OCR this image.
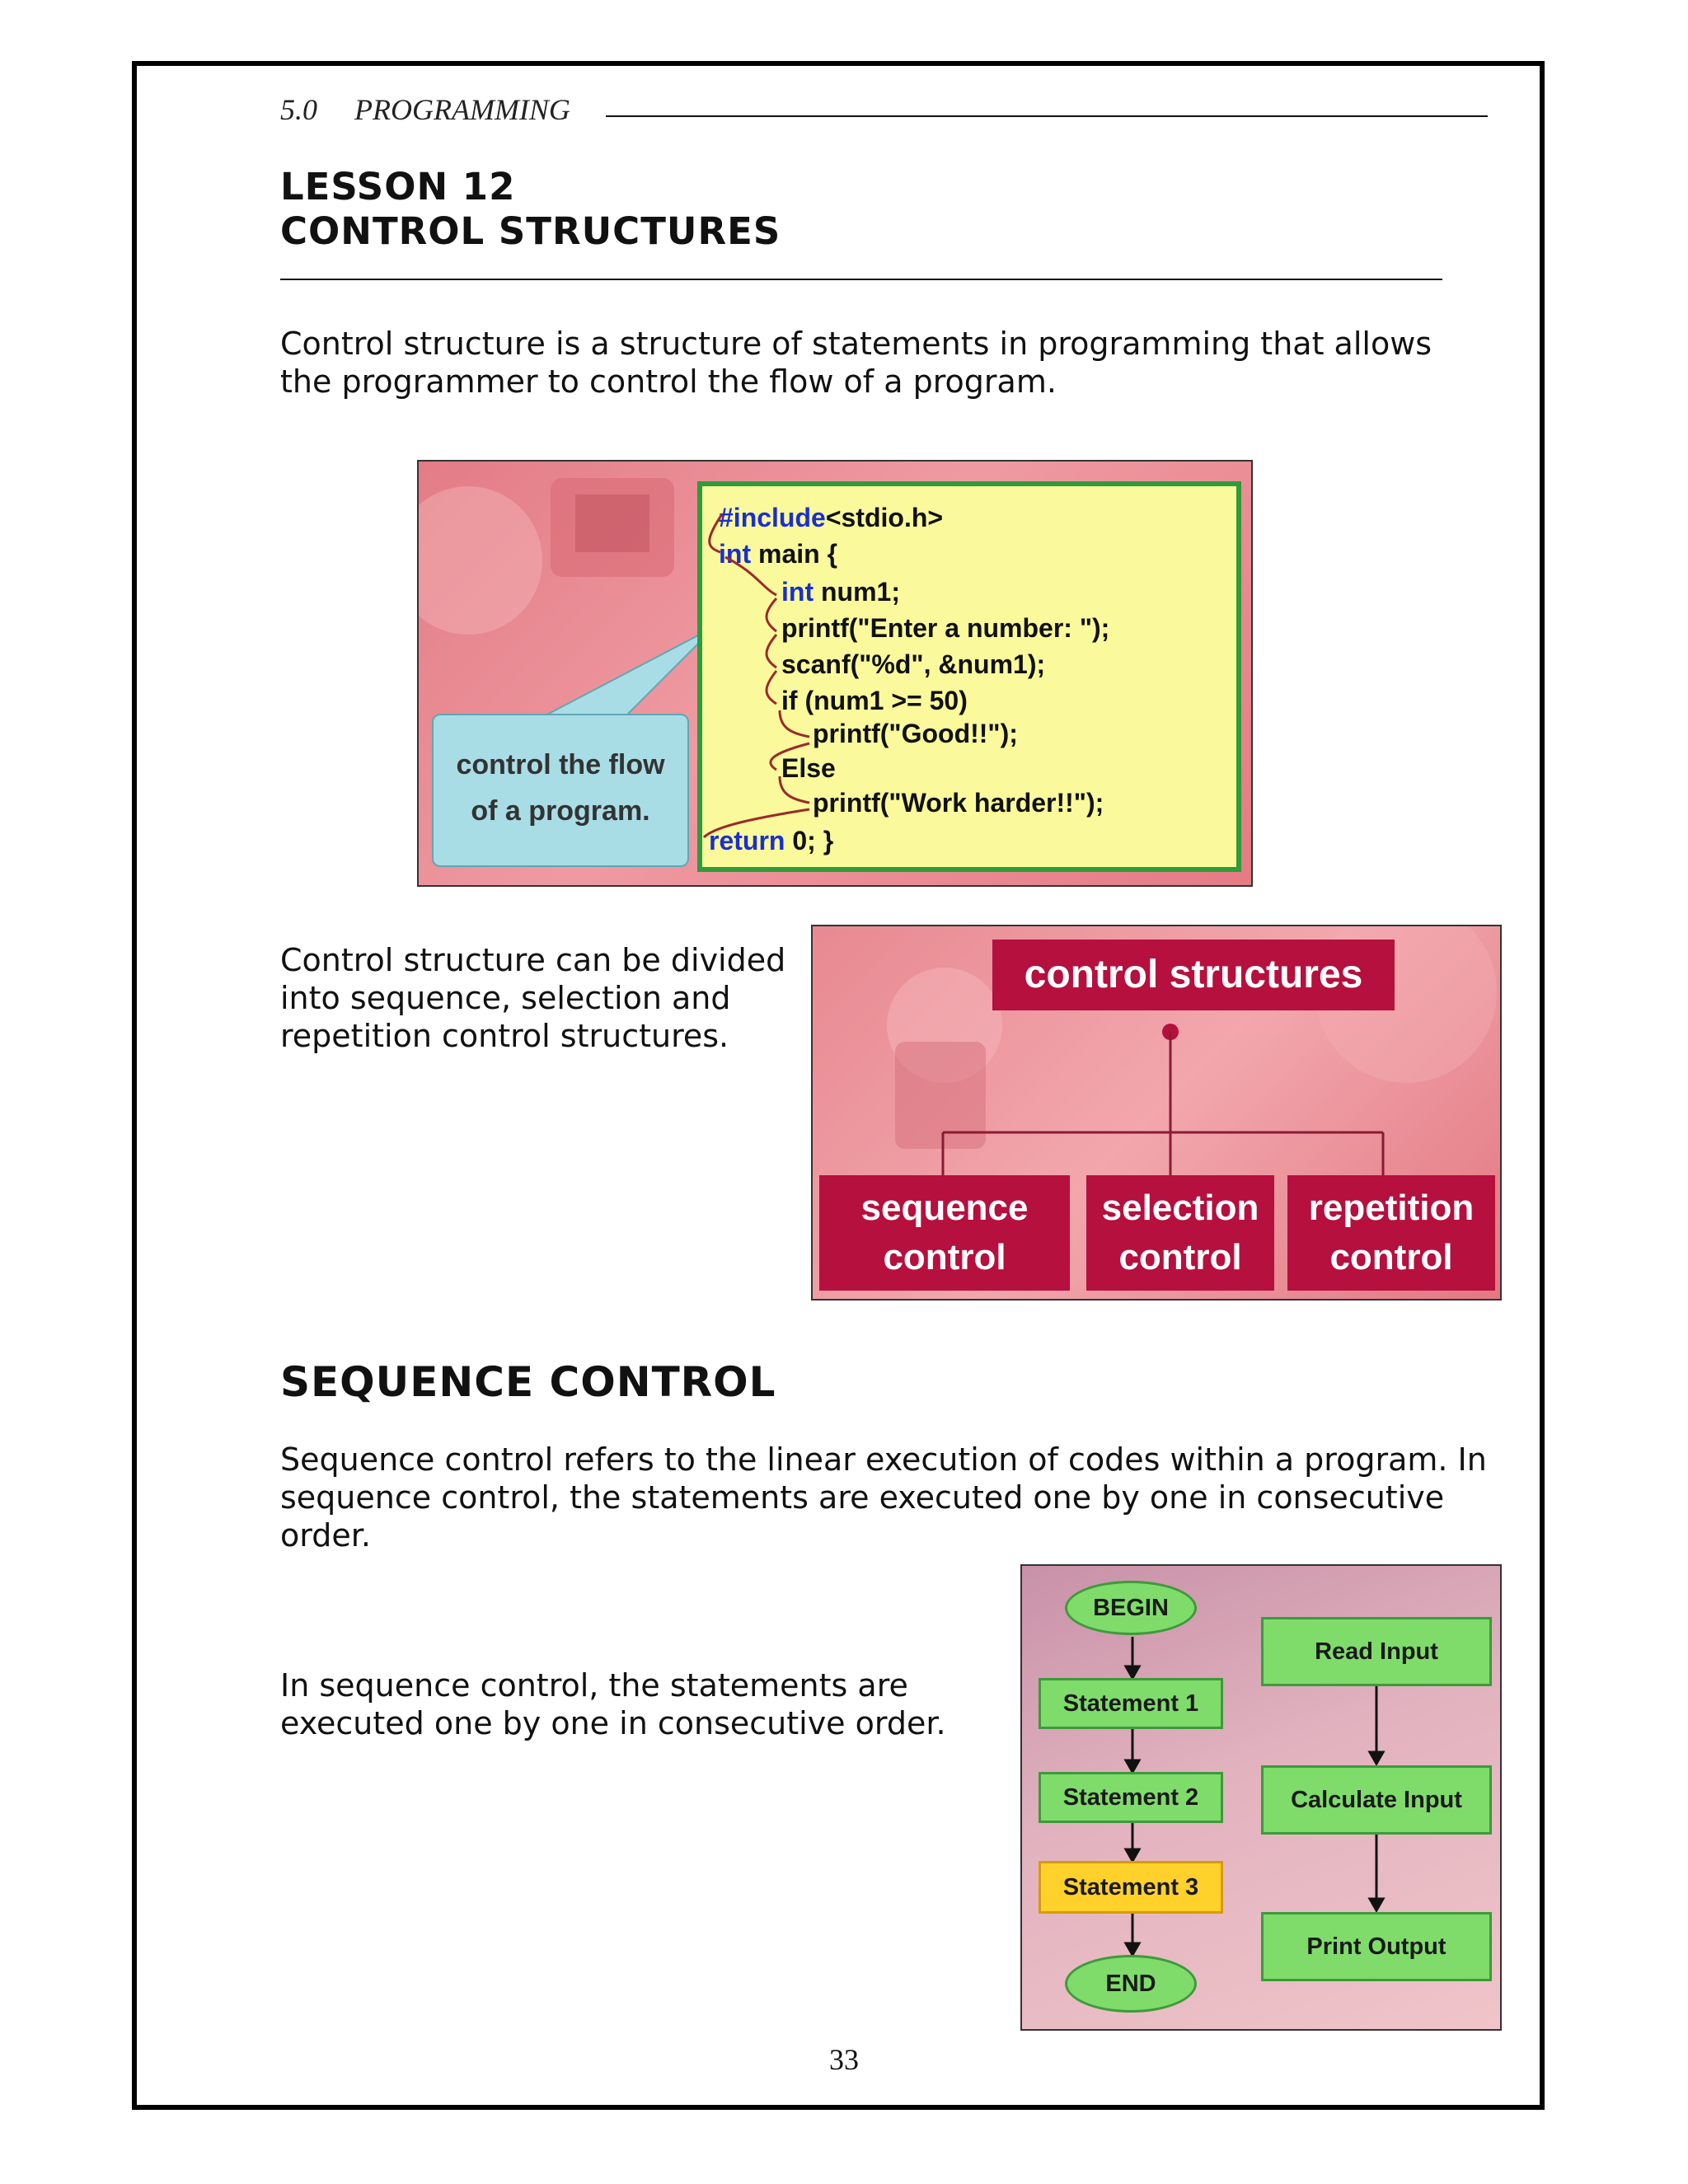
5.0     PROGRAMMING
LESSON 12
CONTROL STRUCTURES
Control structure is a structure of statements in programming that allows
the programmer to control the flow of a program.
#include<stdio.h>
int main {
int num1;
printf("Enter a number: ");
scanf("%d", &num1);
if (num1 >= 50)
printf("Good!!");
Else
printf("Work harder!!");
return 0; }
control the flow
of a program.
Control structure can be divided
into sequence, selection and
repetition control structures.
control structures
sequence
control
selection
control
repetition
control
SEQUENCE CONTROL
Sequence control refers to the linear execution of codes within a program. In
sequence control, the statements are executed one by one in consecutive
order.
In sequence control, the statements are
executed one by one in consecutive order.
BEGIN
Statement 1
Statement 2
Statement 3
END
Read Input
Calculate Input
Print Output
33
